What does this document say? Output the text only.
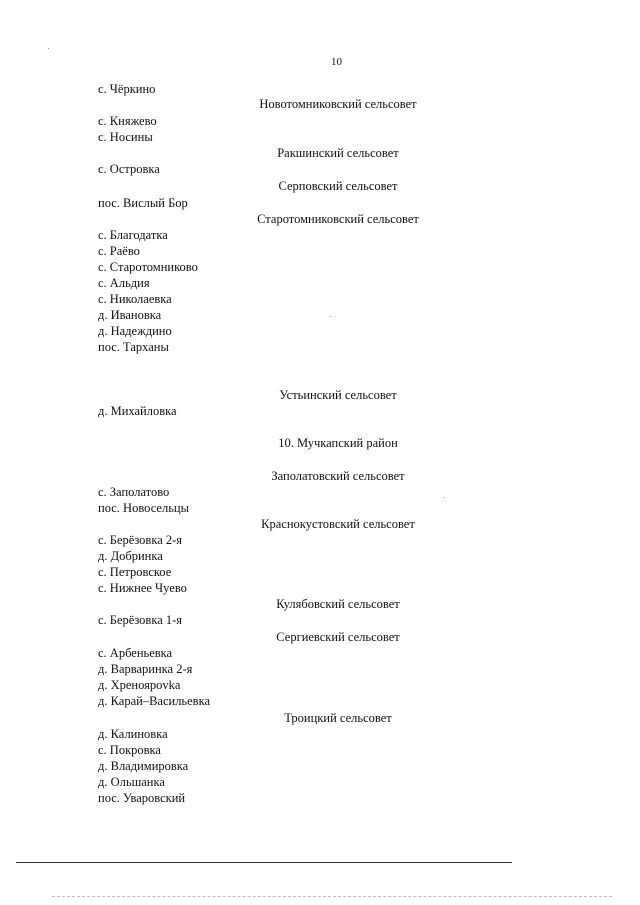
10
с. Чёркино
Новотомниковский сельсовет
с. Княжево
с. Носины
Ракшинский сельсовет
с. Островка
Серповский сельсовет
пос. Вислый Бор
Старотомниковский сельсовет
с. Благодатка
с. Раёво
с. Старотомниково
с. Альдия
с. Николаевка
д. Ивановка
д. Надеждино
пос. Тарханы
Устьинский сельсовет
д. Михайловка
10. Мучкапский район
Заполатовский сельсовет
с. Заполатово
пос. Новосельцы
Краснокустовский сельсовет
с. Берёзовка 2-я
д. Добринка
с. Петровское
с. Нижнее Чуево
Кулябовский сельсовет
с. Берёзовка 1-я
Сергиевский сельсовет
с. Арбеньевка
д. Варваринка 2-я
д. Хреноярovka
д. Карай–Васильевка
Троицкий сельсовет
д. Калиновка
с. Покровка
д. Владимировка
д. Ольшанка
пос. Уваровский
